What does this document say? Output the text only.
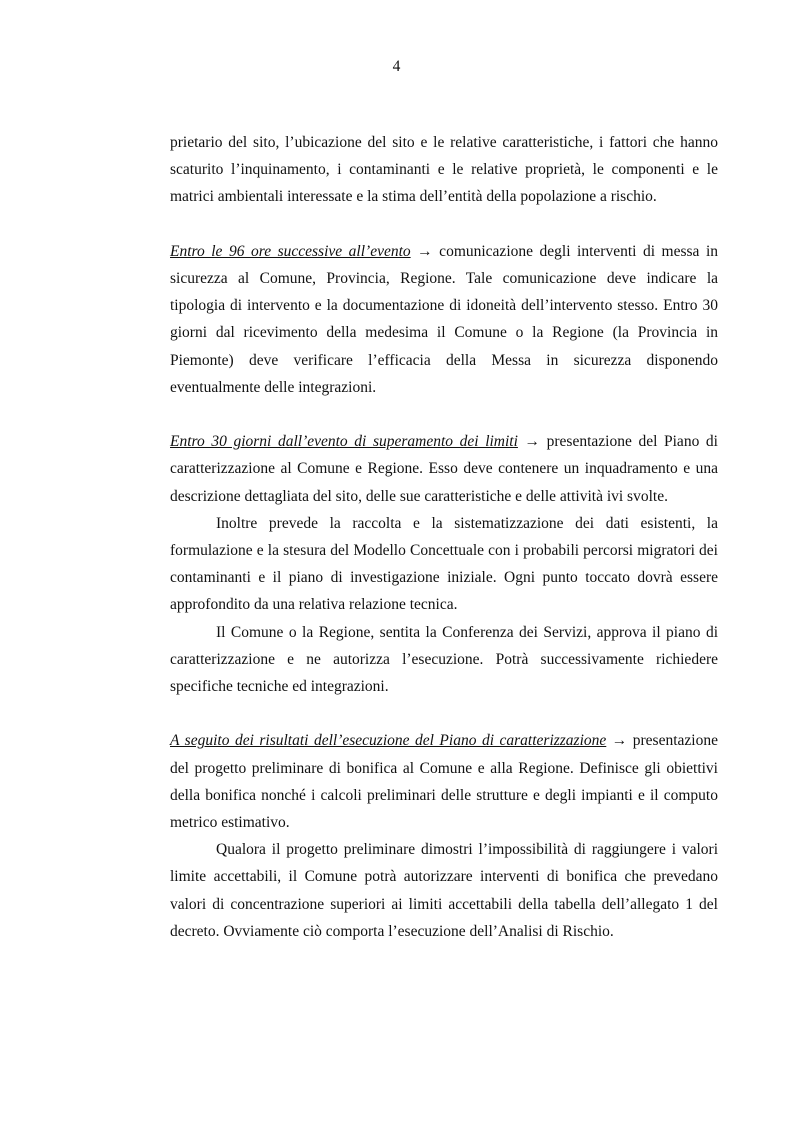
4

prietario del sito, l’ubicazione del sito e le relative caratteristiche, i fattori che hanno scaturito l’inquinamento, i contaminanti e le relative proprietà, le componenti e le matrici ambientali interessate e la stima dell’entità della popolazione a rischio.

Entro le 96 ore successive all’evento → comunicazione degli interventi di messa in sicurezza al Comune, Provincia, Regione. Tale comunicazione deve indicare la tipologia di intervento e la documentazione di idoneità dell’intervento stesso. Entro 30 giorni dal ricevimento della medesima il Comune o la Regione (la Provincia in Piemonte) deve verificare l’efficacia della Messa in sicurezza disponendo eventualmente delle integrazioni.

Entro 30 giorni dall’evento di superamento dei limiti → presentazione del Piano di caratterizzazione al Comune e Regione. Esso deve contenere un inquadramento e una descrizione dettagliata del sito, delle sue caratteristiche e delle attività ivi svolte.

Inoltre prevede la raccolta e la sistematizzazione dei dati esistenti, la formulazione e la stesura del Modello Concettuale con i probabili percorsi migratori dei contaminanti e il piano di investigazione iniziale. Ogni punto toccato dovrà essere approfondito da una relativa relazione tecnica.

Il Comune o la Regione, sentita la Conferenza dei Servizi, approva il piano di caratterizzazione e ne autorizza l’esecuzione. Potrà successivamente richiedere specifiche tecniche ed integrazioni.

A seguito dei risultati dell’esecuzione del Piano di caratterizzazione → presentazione del progetto preliminare di bonifica al Comune e alla Regione. Definisce gli obiettivi della bonifica nonché i calcoli preliminari delle strutture e degli impianti e il computo metrico estimativo.

Qualora il progetto preliminare dimostri l’impossibilità di raggiungere i valori limite accettabili, il Comune potrà autorizzare interventi di bonifica che prevedano valori di concentrazione superiori ai limiti accettabili della tabella dell’allegato 1 del decreto. Ovviamente ciò comporta l’esecuzione dell’Analisi di Rischio.
